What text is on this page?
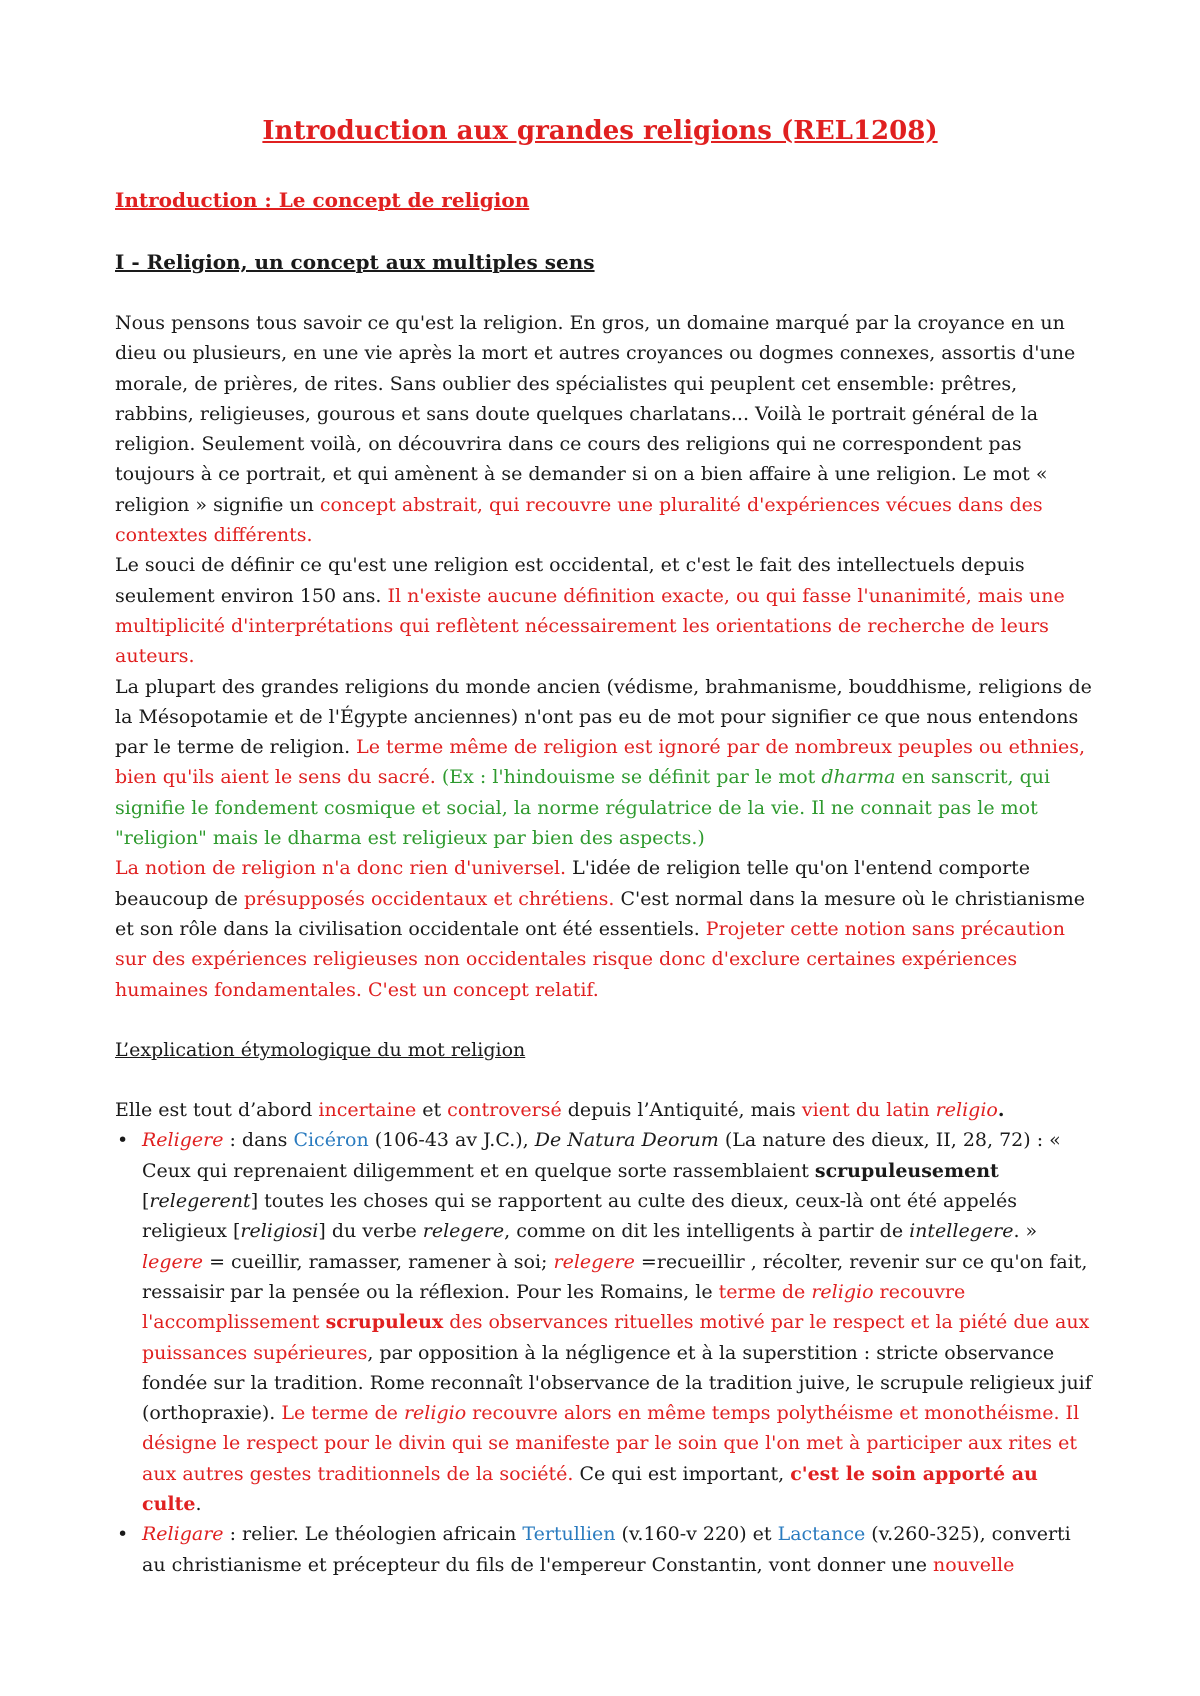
Introduction aux grandes religions (REL1208)
Introduction : Le concept de religion
I - Religion, un concept aux multiples sens

Nous pensons tous savoir ce qu'est la religion. En gros, un domaine marqué par la croyance en un dieu ou plusieurs, en une vie après la mort et autres croyances ou dogmes connexes, assortis d'une morale, de prières, de rites. Sans oublier des spécialistes qui peuplent cet ensemble: prêtres, rabbins, religieuses, gourous et sans doute quelques charlatans... Voilà le portrait général de la religion. Seulement voilà, on découvrira dans ce cours des religions qui ne correspondent pas toujours à ce portrait, et qui amènent à se demander si on a bien affaire à une religion. Le mot « religion » signifie un concept abstrait, qui recouvre une pluralité d'expériences vécues dans des contextes différents.

Le souci de définir ce qu'est une religion est occidental, et c'est le fait des intellectuels depuis seulement environ 150 ans. Il n'existe aucune définition exacte, ou qui fasse l'unanimité, mais une multiplicité d'interprétations qui reflètent nécessairement les orientations de recherche de leurs auteurs.

La plupart des grandes religions du monde ancien (védisme, brahmanisme, bouddhisme, religions de la Mésopotamie et de l'Égypte anciennes) n'ont pas eu de mot pour signifier ce que nous entendons par le terme de religion. Le terme même de religion est ignoré par de nombreux peuples ou ethnies, bien qu'ils aient le sens du sacré. (Ex : l'hindouisme se définit par le mot dharma en sanscrit, qui signifie le fondement cosmique et social, la norme régulatrice de la vie. Il ne connait pas le mot "religion" mais le dharma est religieux par bien des aspects.)

La notion de religion n'a donc rien d'universel. L'idée de religion telle qu'on l'entend comporte beaucoup de présupposés occidentaux et chrétiens. C'est normal dans la mesure où le christianisme et son rôle dans la civilisation occidentale ont été essentiels. Projeter cette notion sans précaution sur des expériences religieuses non occidentales risque donc d'exclure certaines expériences humaines fondamentales. C'est un concept relatif.

L’explication étymologique du mot religion

Elle est tout d’abord incertaine et controversé depuis l’Antiquité, mais vient du latin religio.

• Religere : dans Cicéron (106-43 av J.C.), De Natura Deorum (La nature des dieux, II, 28, 72) : « Ceux qui reprenaient diligemment et en quelque sorte rassemblaient scrupuleusement [relegerent] toutes les choses qui se rapportent au culte des dieux, ceux-là ont été appelés religieux [religiosi] du verbe relegere, comme on dit les intelligents à partir de intellegere. » legere = cueillir, ramasser, ramener à soi; relegere =recueillir , récolter, revenir sur ce qu'on fait, ressaisir par la pensée ou la réflexion. Pour les Romains, le terme de religio recouvre l'accomplissement scrupuleux des observances rituelles motivé par le respect et la piété due aux puissances supérieures, par opposition à la négligence et à la superstition : stricte observance fondée sur la tradition. Rome reconnaît l'observance de la tradition juive, le scrupule religieux juif (orthopraxie). Le terme de religio recouvre alors en même temps polythéisme et monothéisme. Il désigne le respect pour le divin qui se manifeste par le soin que l'on met à participer aux rites et aux autres gestes traditionnels de la société. Ce qui est important, c'est le soin apporté au culte.

• Religare : relier. Le théologien africain Tertullien (v.160-v 220) et Lactance (v.260-325), converti au christianisme et précepteur du fils de l'empereur Constantin, vont donner une nouvelle
